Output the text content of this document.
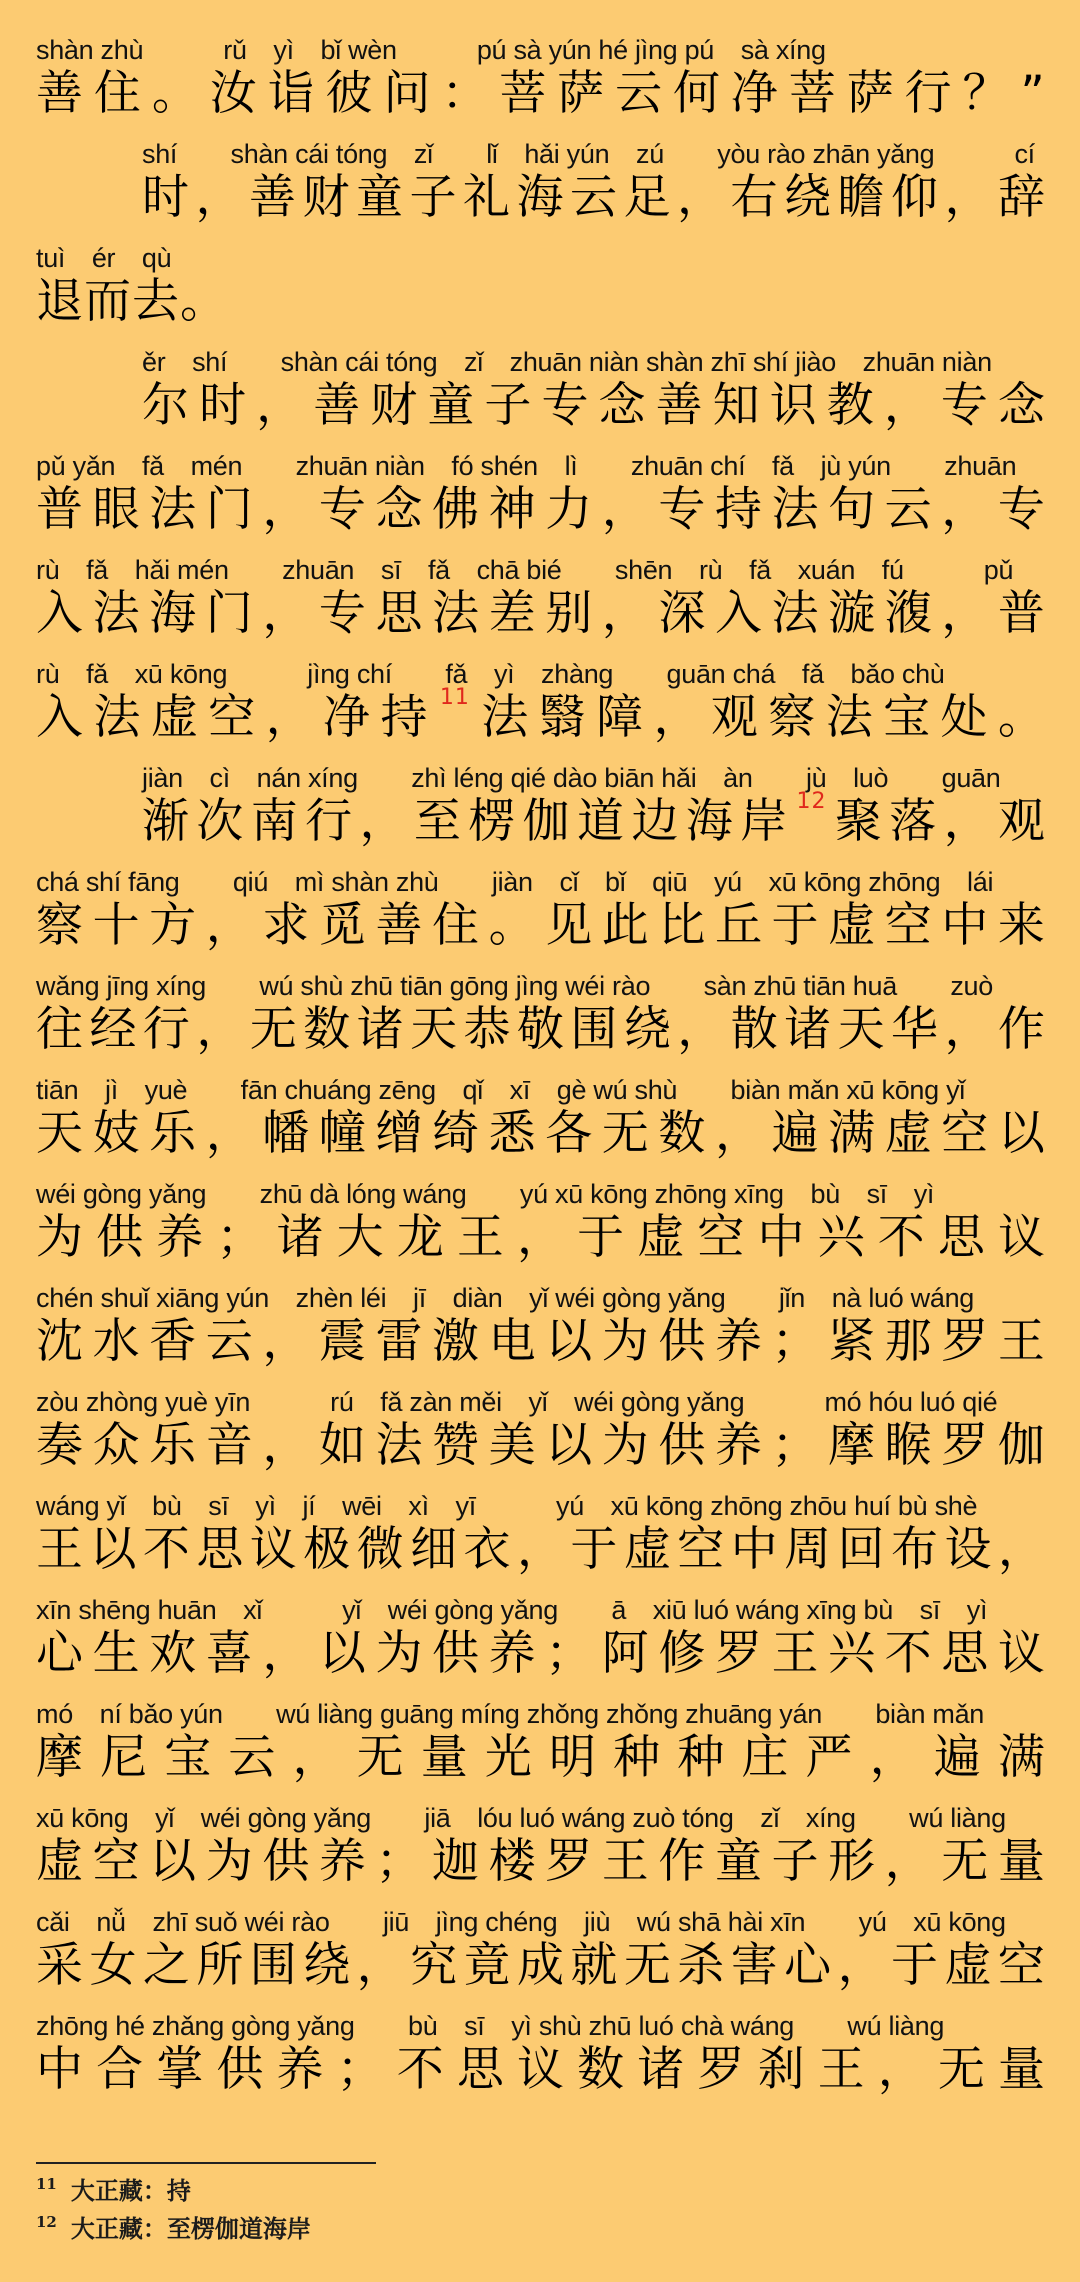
shàn zhù　　　rǔ　yì　bǐ wèn　　　pú sà yún hé jìng pú　sà xíng
善 住 。 汝 诣 彼 问 ： 菩 萨 云 何 净 菩 萨 行 ？ ”
shí　　shàn cái tóng　zǐ　　lǐ　hǎi yún　zú　　yòu rào zhān yǎng　　　cí
时 ， 善 财 童 子 礼 海 云 足 ， 右 绕 瞻 仰 ， 辞
tuì　ér　qù
退 而 去 。
ěr　shí　　shàn cái tóng　zǐ　zhuān niàn shàn zhī shí jiào　zhuān niàn
尔 时 ， 善 财 童 子 专 念 善 知 识 教 ， 专 念
pǔ yǎn　fǎ　mén　　zhuān niàn　fó shén　lì　　zhuān chí　fǎ　jù yún　　zhuān
普 眼 法 门 ， 专 念 佛 神 力 ， 专 持 法 句 云 ， 专
rù　fǎ　hǎi mén　　zhuān　sī　fǎ　chā bié　　shēn　rù　fǎ　xuán　fú　　　pǔ
入 法 海 门 ， 专 思 法 差 别 ， 深 入 法 漩 澓 ， 普
rù　fǎ　xū kōng　　　jìng chí　　fǎ　yì　zhàng　　guān chá　fǎ　bǎo chù
入 法 虚 空 ， 净 持 11 法 翳 障 ， 观 察 法 宝 处 。
jiàn　cì　nán xíng　　zhì léng qié dào biān hǎi　àn　　jù　luò　　guān
渐 次 南 行 ， 至 楞 伽 道 边 海 岸 12 聚 落 ， 观
chá shí fāng　　qiú　mì shàn zhù　　jiàn　cǐ　bǐ　qiū　yú　xū kōng zhōng　lái
察 十 方 ， 求 觅 善 住 。 见 此 比 丘 于 虚 空 中 来
wǎng jīng xíng　　wú shù zhū tiān gōng jìng wéi rào　　sàn zhū tiān huā　　zuò
往 经 行 ， 无 数 诸 天 恭 敬 围 绕 ， 散 诸 天 华 ， 作
tiān　jì　yuè　　fān chuáng zēng　qǐ　xī　gè wú shù　　biàn mǎn xū kōng yǐ
天 妓 乐 ， 幡 幢 缯 绮 悉 各 无 数 ， 遍 满 虚 空 以
wéi gòng yǎng　　zhū dà lóng wáng　　yú xū kōng zhōng xīng　bù　sī　yì
为 供 养 ； 诸 大 龙 王 ， 于 虚 空 中 兴 不 思 议
chén shuǐ xiāng yún　zhèn léi　jī　diàn　yǐ wéi gòng yǎng　　jǐn　nà luó wáng
沈 水 香 云 ， 震 雷 激 电 以 为 供 养 ； 紧 那 罗 王
zòu zhòng yuè yīn　　　rú　fǎ zàn měi　yǐ　wéi gòng yǎng　　　mó hóu luó qié
奏 众 乐 音 ， 如 法 赞 美 以 为 供 养 ； 摩 睺 罗 伽
wáng yǐ　bù　sī　yì　jí　wēi　xì　yī　　　yú　xū kōng zhōng zhōu huí bù shè
王 以 不 思 议 极 微 细 衣 ， 于 虚 空 中 周 回 布 设 ，
xīn shēng huān　xǐ　　　yǐ　wéi gòng yǎng　　ā　xiū luó wáng xīng bù　sī　yì
心 生 欢 喜 ， 以 为 供 养 ； 阿 修 罗 王 兴 不 思 议
mó　ní bǎo yún　　wú liàng guāng míng zhǒng zhǒng zhuāng yán　　biàn mǎn
摩 尼 宝 云 ， 无 量 光 明 种 种 庄 严 ， 遍 满
xū kōng　yǐ　wéi gòng yǎng　　jiā　lóu luó wáng zuò tóng　zǐ　xíng　　wú liàng
虚 空 以 为 供 养 ； 迦 楼 罗 王 作 童 子 形 ， 无 量
cǎi　nǚ　zhī suǒ wéi rào　　jiū　jìng chéng　jiù　wú shā hài xīn　　yú　xū kōng
采 女 之 所 围 绕 ， 究 竟 成 就 无 杀 害 心 ， 于 虚 空
zhōng hé zhǎng gòng yǎng　　bù　sī　yì shù zhū luó chà wáng　　wú liàng
中 合 掌 供 养 ； 不 思 议 数 诸 罗 刹 王 ， 无 量
$^{11}$ 大正藏：持
$^{12}$ 大正藏：至楞伽道海岸
